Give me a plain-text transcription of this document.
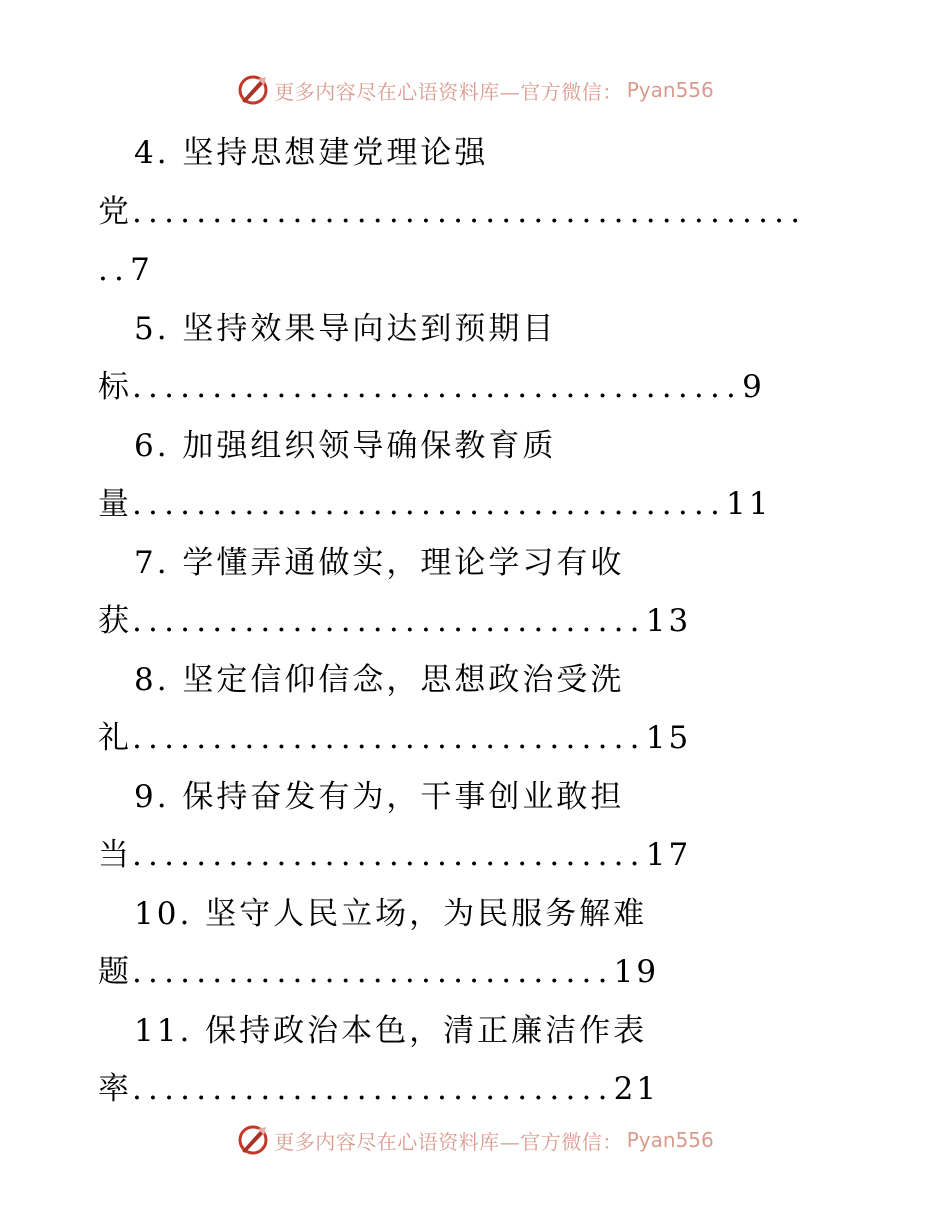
更多内容尽在心语资料库—官方微信： Pyan556
4. 坚持思想建党理论强
党..........................................
..7
5. 坚持效果导向达到预期目
标......................................9
6. 加强组织领导确保教育质
量.....................................11
7. 学懂弄通做实，理论学习有收
获................................13
8. 坚定信仰信念，思想政治受洗
礼................................15
9. 保持奋发有为，干事创业敢担
当................................17
10. 坚守人民立场，为民服务解难
题..............................19
11. 保持政治本色，清正廉洁作表
率..............................21
更多内容尽在心语资料库—官方微信： Pyan556
